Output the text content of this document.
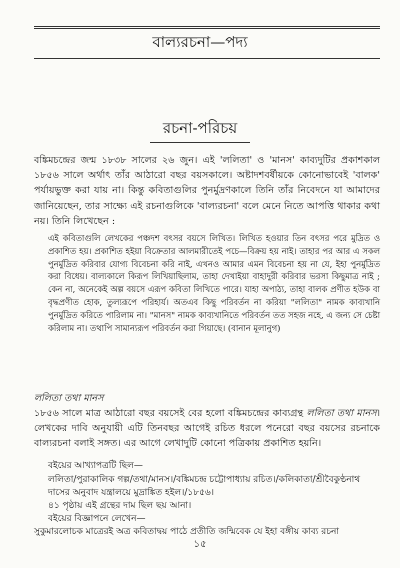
বাল্যরচনা—পদ্য
রচনা-পরিচয়
বঙ্কিমচন্দ্রের জন্ম ১৮৩৮ সালের ২৬ জুন। এই 'ললিতা' ও 'মানস' কাব্যদুটির প্রকাশকাল ১৮৫৬ সালে অর্থাৎ তাঁর আঠারো বছর বয়সকালে। অষ্টাদশবর্ষীয়কে কোনোভাবেই 'বালক' পর্যায়ভুক্ত করা যায় না। কিন্তু কবিতাগুলির পুনর্মুদ্রণকালে তিনি তাঁর নিবেদনে যা আমাদের জানিয়েছেন, তার সাক্ষ্যে এই রচনাগুলিকে 'বাল্যরচনা' বলে মেনে নিতে আপত্তি থাকার কথা নয়। তিনি লিখেছেন :
এই কবিতাগুলি লেখকের পঞ্চদশ বৎসর বয়সে লিখিত। লিখিত হওয়ার তিন বৎসর পরে মুদ্রিত ও প্রকাশিত হয়। প্রকাশিত হইয়া বিক্রেতার আলমারীতেই পচে—বিক্রয় হয় নাই। তাহার পর আর এ সকল পুনর্মুদ্রিত করিবার যোগ্য বিবেচনা করি নাই, এখনও আমার এমন বিবেচনা হয় না যে, ইহা পুনর্মুদ্রিত করা বিধেয়। বাল্যকালে কিরূপ লিখিয়াছিলাম, তাহা দেখাইয়া বাহাদুরী করিবার ভরসা কিছুমাত্র নাই ; কেন না, অনেকেই অল্প বয়সে এরূপ কবিতা লিখিতে পারে। যাহা অপাঠ্য, তাহা বালক প্রণীত হউক বা বৃদ্ধপ্রণীত হোক, তুল্যরূপে পরিহার্য। অতএব কিছু পরিবর্তন না করিয়া "ললিতা" নামক কাব্যখানি পুনর্মুদ্রিত করিতে পারিলাম না। "মানস" নামক কাব্যখানিতে পরিবর্তন তত সহজ নহে, এ জন্য সে চেষ্টা করিলাম না। তথাপি সামান্যরূপ পরিবর্তন করা গিয়াছে। (বানান মূলানুগ)
ললিতা তথা মানস
১৮৫৬ সালে মাত্র আঠারো বছর বয়সেই বের হলো বঙ্কিমচন্দ্রের কাব্যগ্রন্থ ললিতা তথা মানস। লেখকের দাবি অনুযায়ী এটি তিনবছর আগেই রচিত ধরলে পনেরো বছর বয়সের রচনাকে বাল্যরচনা বলাই সঙ্গত। এর আগে লেখাদুটি কোনো পত্রিকায় প্রকাশিত হয়নি।
বইয়ের আখ্যাপত্রটি ছিল—
ললিতা/পুরাকালিক গল্প/তথা/মানস।/বঙ্কিমচন্দ্র চট্টোপাধ্যায় রচিত।/কলিকাতা/শ্রীবৈকুণ্ঠনাথ
দাসের অনুবাদ যন্ত্রালয়ে মুদ্রাঙ্কিত হইল।/১৮৫৬।
৪১ পৃষ্ঠায় এই গ্রন্থের দাম ছিল ছয় আনা।
বইয়ের বিজ্ঞাপনে লেখেন—
সুকুমারলোচক মাত্রেরই অত্র কবিতাদ্বয় পাঠে প্রতীতি জন্মিবেক যে ইহা বঙ্গীয় কাব্য রচনা
১৫
